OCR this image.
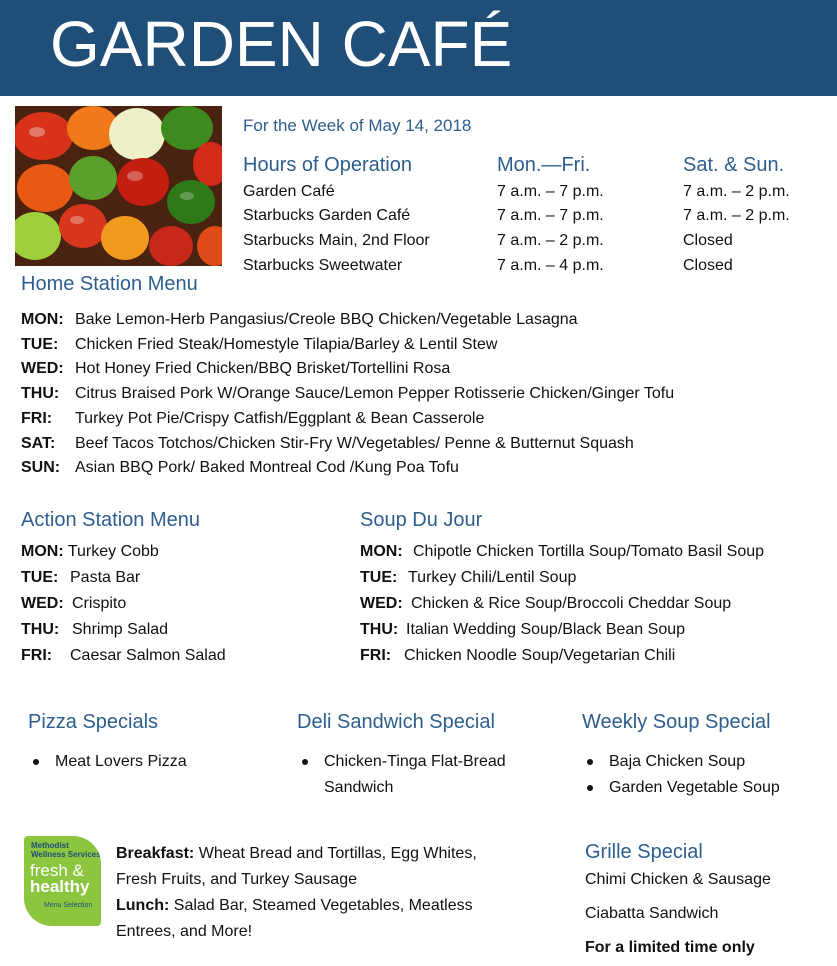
GARDEN CAFÉ
For the Week of May 14, 2018
Hours of Operation	Mon.—Fri.	Sat. & Sun.
Garden Café	7 a.m. – 7 p.m.	7 a.m. – 2 p.m.
Starbucks Garden Café	7 a.m. – 7 p.m.	7 a.m. – 2 p.m.
Starbucks Main, 2nd Floor	7 a.m. – 2 p.m.	Closed
Starbucks Sweetwater	7 a.m. – 4 p.m.	Closed
Home Station Menu
MON: Bake Lemon-Herb Pangasius/Creole BBQ Chicken/Vegetable Lasagna
TUE: Chicken Fried Steak/Homestyle Tilapia/Barley & Lentil Stew
WED: Hot Honey Fried Chicken/BBQ Brisket/Tortellini Rosa
THU: Citrus Braised Pork W/Orange Sauce/Lemon Pepper Rotisserie Chicken/Ginger Tofu
FRI: Turkey Pot Pie/Crispy Catfish/Eggplant & Bean Casserole
SAT: Beef Tacos Totchos/Chicken Stir-Fry W/Vegetables/ Penne & Butternut Squash
SUN: Asian BBQ Pork/ Baked Montreal Cod /Kung Poa Tofu
Action Station Menu
MON: Turkey Cobb
TUE: Pasta Bar
WED: Crispito
THU: Shrimp Salad
FRI: Caesar Salmon Salad
Soup Du Jour
MON: Chipotle Chicken Tortilla Soup/Tomato Basil Soup
TUE: Turkey Chili/Lentil Soup
WED: Chicken & Rice Soup/Broccoli Cheddar Soup
THU: Italian Wedding Soup/Black Bean Soup
FRI: Chicken Noodle Soup/Vegetarian Chili
Pizza Specials
Meat Lovers Pizza
Deli Sandwich Special
Chicken-Tinga Flat-Bread
Sandwich
Weekly Soup Special
Baja Chicken Soup
Garden Vegetable Soup
Methodist
Wellness Services
fresh &
healthy
Menu Selection
Breakfast: Wheat Bread and Tortillas, Egg Whites,
Fresh Fruits, and Turkey Sausage
Lunch: Salad Bar, Steamed Vegetables, Meatless
Entrees, and More!
Grille Special
Chimi Chicken & Sausage
Ciabatta Sandwich
For a limited time only
